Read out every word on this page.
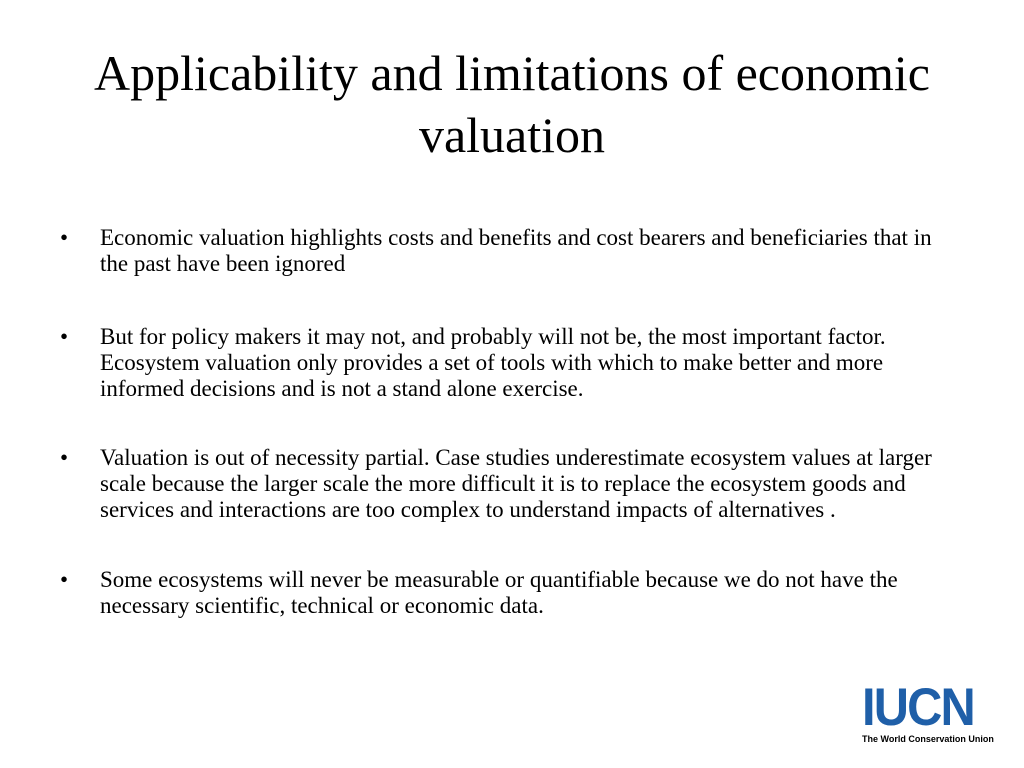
Applicability and limitations of economic valuation
•	Economic valuation highlights costs and benefits and cost bearers and beneficiaries that in the past have been ignored
•	But for policy makers it may not, and probably will not be, the most important factor. Ecosystem valuation only provides a set of tools with which to make better and more informed decisions and is not a stand alone exercise.
•	Valuation is out of necessity partial. Case studies underestimate ecosystem values at larger scale because the larger scale the more difficult it is to replace the ecosystem goods and services and interactions are too complex to understand impacts of alternatives .
•	Some ecosystems will never be measurable or quantifiable because we do not have the necessary scientific, technical or economic data.
IUCN
The World Conservation Union
